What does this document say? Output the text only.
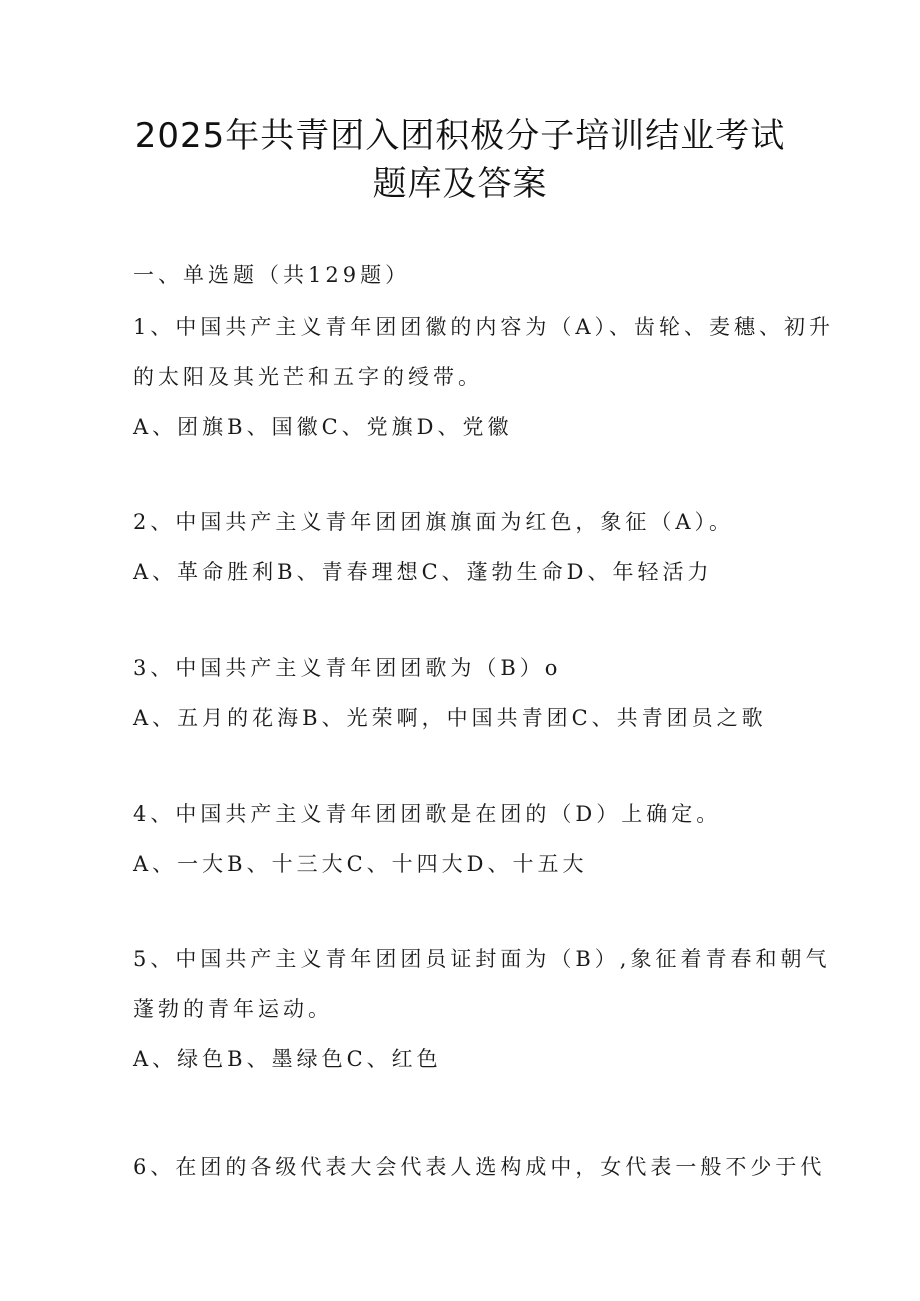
2025年共青团入团积极分子培训结业考试
题库及答案

一、单选题（共129题）

1、中国共产主义青年团团徽的内容为（A）、齿轮、麦穗、初升

的太阳及其光芒和五字的绶带。

A、团旗B、国徽C、党旗D、党徽

2、中国共产主义青年团团旗旗面为红色，象征（A）。

A、革命胜利B、青春理想C、蓬勃生命D、年轻活力

3、中国共产主义青年团团歌为（B）o

A、五月的花海B、光荣啊，中国共青团C、共青团员之歌

4、中国共产主义青年团团歌是在团的（D）上确定。

A、一大B、十三大C、十四大D、十五大

5、中国共产主义青年团团员证封面为（B）,象征着青春和朝气

蓬勃的青年运动。

A、绿色B、墨绿色C、红色

6、在团的各级代表大会代表人选构成中，女代表一般不少于代
